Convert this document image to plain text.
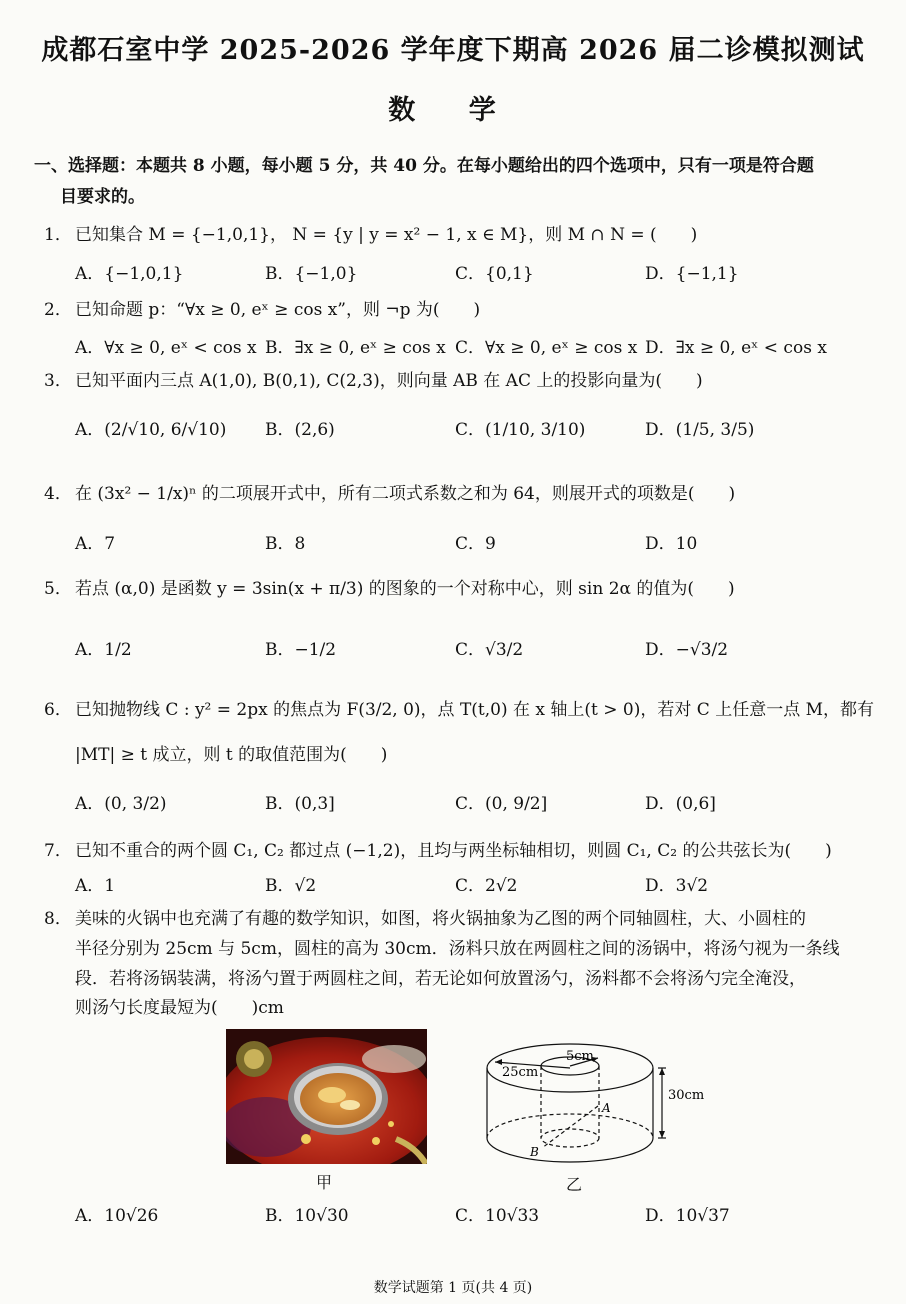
成都石室中学 2025-2026 学年度下期高 2026 届二诊模拟测试
数 学
一、选择题：本题共 8 小题，每小题 5 分，共 40 分。在每小题给出的四个选项中，只有一项是符合题
目要求的。
1． 已知集合 M = {−1,0,1}， N = {y | y = x² − 1, x ∈ M}，则 M ∩ N = (　　)
A．{−1,0,1}	B．{−1,0}	C．{0,1}	D．{−1,1}
2． 已知命题 p：“∀x ≥ 0, eˣ ≥ cos x”，则 ¬p 为(　　)
A．∀x ≥ 0, eˣ < cos x B．∃x ≥ 0, eˣ ≥ cos x C．∀x ≥ 0, eˣ ≥ cos x D．∃x ≥ 0, eˣ < cos x
3． 已知平面内三点 A(1,0), B(0,1), C(2,3)，则向量 AB 在 AC 上的投影向量为(　　)
A．(2/√10, 6/√10) B．(2,6)	C．(1/10, 3/10)	D．(1/5, 3/5)
4． 在 (3x² − 1/x)ⁿ 的二项展开式中，所有二项式系数之和为 64，则展开式的项数是(　　)
A．7	B．8	C．9	D．10
5． 若点 (α,0) 是函数 y = 3sin(x + π/3) 的图象的一个对称中心，则 sin 2α 的值为(　　)
A．1/2	B．−1/2	C．√3/2	D．−√3/2
6． 已知抛物线 C : y² = 2px 的焦点为 F(3/2, 0)，点 T(t,0) 在 x 轴上(t > 0)，若对 C 上任意一点 M，都有
|MT| ≥ t 成立，则 t 的取值范围为(　　)
A．(0, 3/2)	B．(0,3]	C．(0, 9/2]	D．(0,6]
7． 已知不重合的两个圆 C₁, C₂ 都过点 (−1,2)，且均与两坐标轴相切，则圆 C₁, C₂ 的公共弦长为(　　)
A．1	B．√2	C．2√2	D．3√2
8． 美味的火锅中也充满了有趣的数学知识，如图，将火锅抽象为乙图的两个同轴圆柱，大、小圆柱的
半径分别为 25cm 与 5cm，圆柱的高为 30cm．汤料只放在两圆柱之间的汤锅中，将汤勺视为一条线
段．若将汤锅装满，将汤勺置于两圆柱之间，若无论如何放置汤勺，汤料都不会将汤勺完全淹没，
则汤勺长度最短为(　　)cm
甲
25cm
5cm
30cm
A
B
乙
A．10√26	B．10√30	C．10√33	D．10√37
数学试题第 1 页(共 4 页)
